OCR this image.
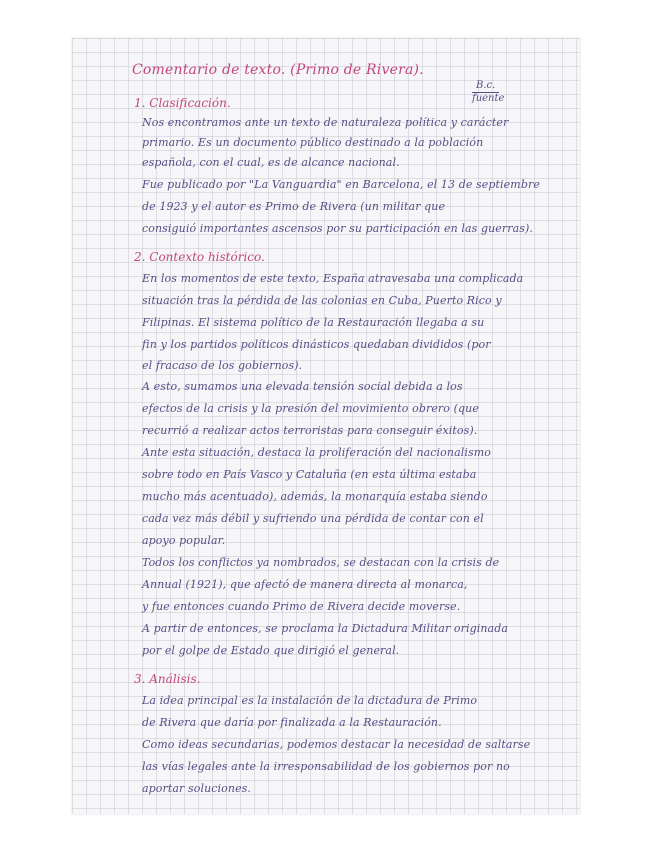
Comentario de texto. (Primo de Rivera).
B.c.
fuente
1. Clasificación.
Nos encontramos ante un texto de naturaleza política y carácter
primario. Es un documento público destinado a la población
española, con el cual, es de alcance nacional.
Fue publicado por "La Vanguardia" en Barcelona, el 13 de septiembre
de 1923 y el autor es Primo de Rivera (un militar que
consiguió importantes ascensos por su participación en las guerras).
2. Contexto histórico.
En los momentos de este texto, España atravesaba una complicada
situación tras la pérdida de las colonias en Cuba, Puerto Rico y
Filipinas. El sistema político de la Restauración llegaba a su
fin y los partidos políticos dinásticos quedaban divididos (por
el fracaso de los gobiernos).
A esto, sumamos una elevada tensión social debida a los
efectos de la crisis y la presión del movimiento obrero (que
recurrió a realizar actos terroristas para conseguir éxitos).
Ante esta situación, destaca la proliferación del nacionalismo
sobre todo en País Vasco y Cataluña (en esta última estaba
mucho más acentuado), además, la monarquía estaba siendo
cada vez más débil y sufriendo una pérdida de contar con el
apoyo popular.
Todos los conflictos ya nombrados, se destacan con la crisis de
Annual (1921), que afectó de manera directa al monarca,
y fue entonces cuando Primo de Rivera decide moverse.
A partir de entonces, se proclama la Dictadura Militar originada
por el golpe de Estado que dirigió el general.
3. Análisis.
La idea principal es la instalación de la dictadura de Primo
de Rivera que daría por finalizada a la Restauración.
Como ideas secundarias, podemos destacar la necesidad de saltarse
las vías legales ante la irresponsabilidad de los gobiernos por no
aportar soluciones.
